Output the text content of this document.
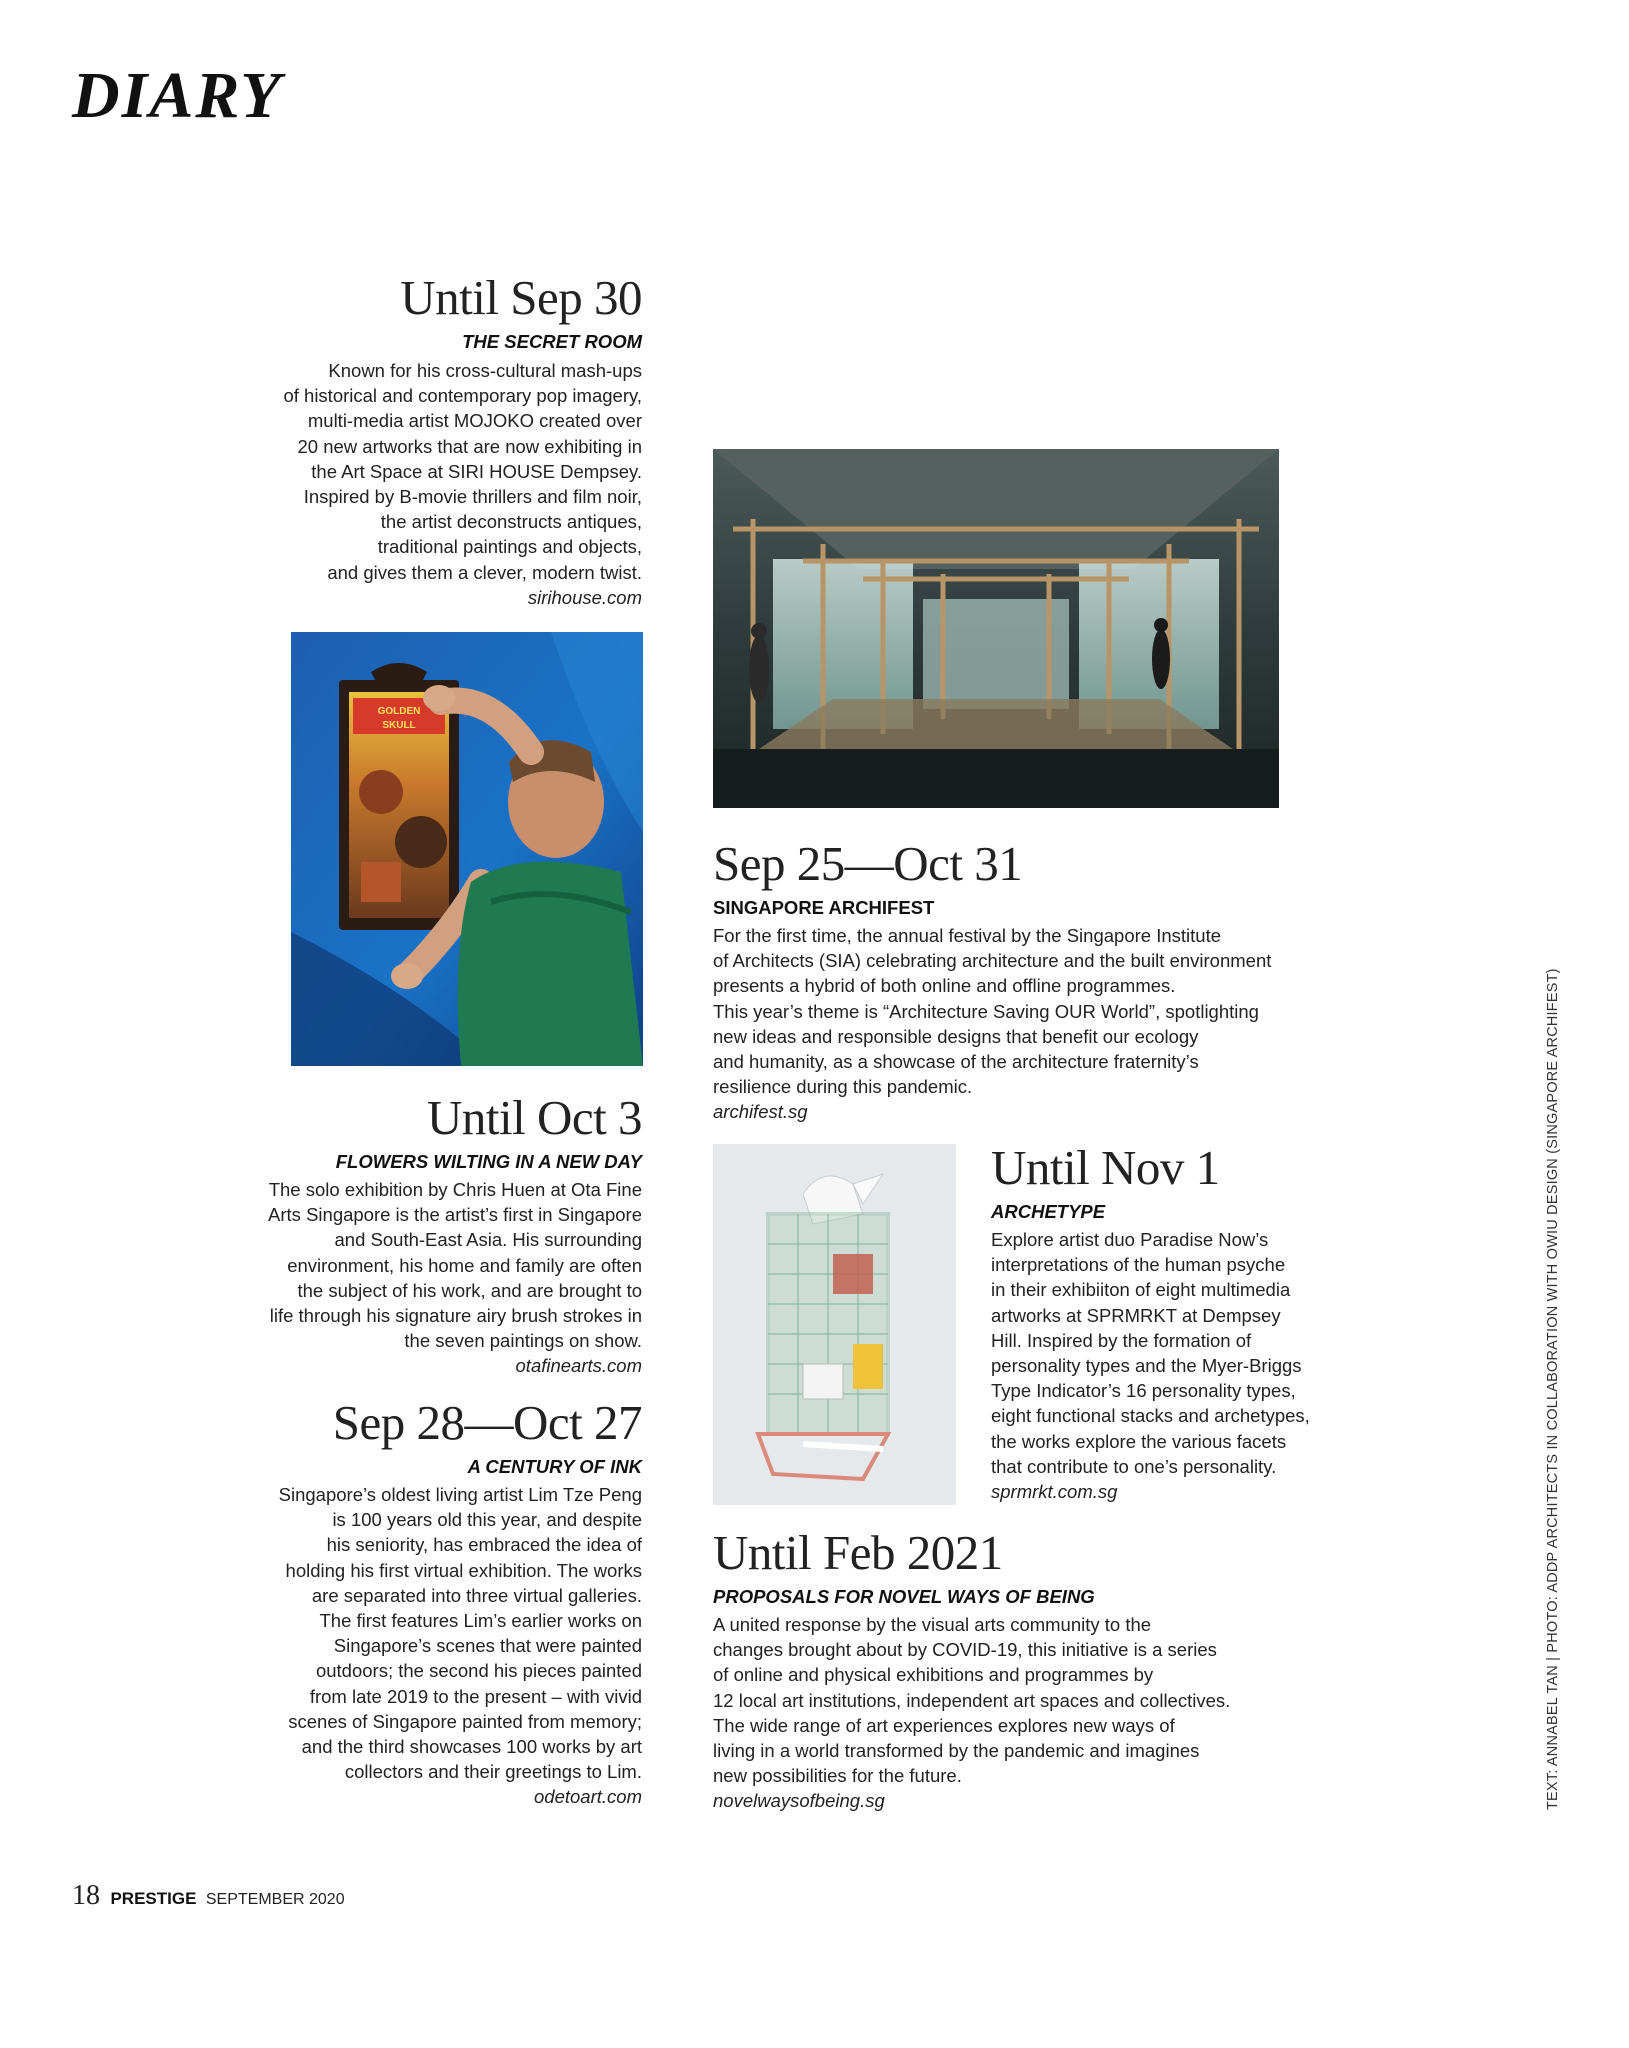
DIARY
Until Sep 30
THE SECRET ROOM
Known for his cross-cultural mash-ups
of historical and contemporary pop imagery,
multi-media artist MOJOKO created over
20 new artworks that are now exhibiting in
the Art Space at SIRI HOUSE Dempsey.
Inspired by B-movie thrillers and film noir,
the artist deconstructs antiques,
traditional paintings and objects,
and gives them a clever, modern twist.
sirihouse.com
GOLDEN
SKULL
Until Oct 3
FLOWERS WILTING IN A NEW DAY
The solo exhibition by Chris Huen at Ota Fine
Arts Singapore is the artist’s first in Singapore
and South-East Asia. His surrounding
environment, his home and family are often
the subject of his work, and are brought to
life through his signature airy brush strokes in
the seven paintings on show.
otafinearts.com
Sep 28—Oct 27
A CENTURY OF INK
Singapore’s oldest living artist Lim Tze Peng
is 100 years old this year, and despite
his seniority, has embraced the idea of
holding his first virtual exhibition. The works
are separated into three virtual galleries.
The first features Lim’s earlier works on
Singapore’s scenes that were painted
outdoors; the second his pieces painted
from late 2019 to the present – with vivid
scenes of Singapore painted from memory;
and the third showcases 100 works by art
collectors and their greetings to Lim.
odetoart.com
Sep 25—Oct 31
SINGAPORE ARCHIFEST
For the first time, the annual festival by the Singapore Institute
of Architects (SIA) celebrating architecture and the built environment
presents a hybrid of both online and offline programmes.
This year’s theme is “Architecture Saving OUR World”, spotlighting
new ideas and responsible designs that benefit our ecology
and humanity, as a showcase of the architecture fraternity’s
resilience during this pandemic.
archifest.sg
Until Nov 1
ARCHETYPE
Explore artist duo Paradise Now’s
interpretations of the human psyche
in their exhibiiton of eight multimedia
artworks at SPRMRKT at Dempsey
Hill. Inspired by the formation of
personality types and the Myer-Briggs
Type Indicator’s 16 personality types,
eight functional stacks and archetypes,
the works explore the various facets
that contribute to one’s personality.
sprmrkt.com.sg
Until Feb 2021
PROPOSALS FOR NOVEL WAYS OF BEING
A united response by the visual arts community to the
changes brought about by COVID-19, this initiative is a series
of online and physical exhibitions and programmes by
12 local art institutions, independent art spaces and collectives.
The wide range of art experiences explores new ways of
living in a world transformed by the pandemic and imagines
new possibilities for the future.
novelwaysofbeing.sg	TEXT: ANNABEL TAN | PHOTO: ADDP ARCHITECTS IN COLLABORATION WITH OWIU DESIGN (SINGAPORE ARCHIFEST)
18 PRESTIGE SEPTEMBER 2020
